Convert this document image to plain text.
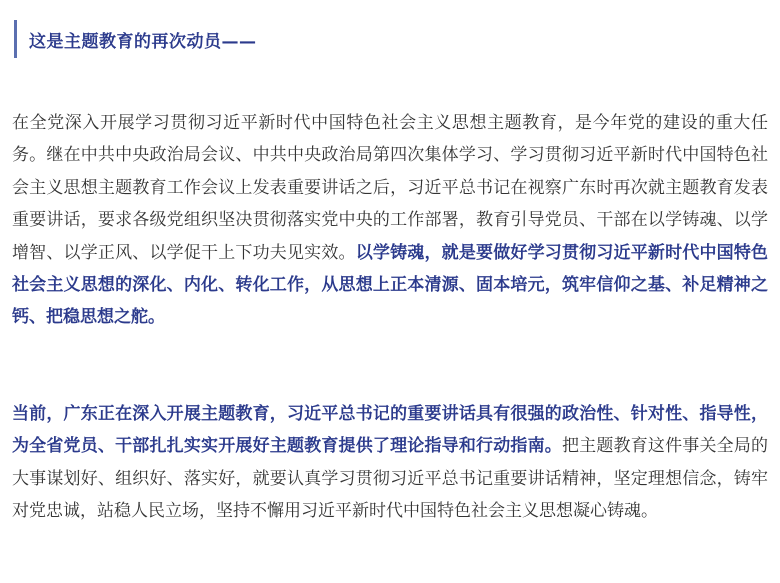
这是主题教育的再次动员——

在全党深入开展学习贯彻习近平新时代中国特色社会主义思想主题教育，是今年党的建设的重大任务。继在中共中央政治局会议、中共中央政治局第四次集体学习、学习贯彻习近平新时代中国特色社会主义思想主题教育工作会议上发表重要讲话之后，习近平总书记在视察广东时再次就主题教育发表重要讲话，要求各级党组织坚决贯彻落实党中央的工作部署，教育引导党员、干部在以学铸魂、以学增智、以学正风、以学促干上下功夫见实效。以学铸魂，就是要做好学习贯彻习近平新时代中国特色社会主义思想的深化、内化、转化工作，从思想上正本清源、固本培元，筑牢信仰之基、补足精神之钙、把稳思想之舵。

当前，广东正在深入开展主题教育，习近平总书记的重要讲话具有很强的政治性、针对性、指导性，为全省党员、干部扎扎实实开展好主题教育提供了理论指导和行动指南。把主题教育这件事关全局的大事谋划好、组织好、落实好，就要认真学习贯彻习近平总书记重要讲话精神，坚定理想信念，铸牢对党忠诚，站稳人民立场，坚持不懈用习近平新时代中国特色社会主义思想凝心铸魂。
